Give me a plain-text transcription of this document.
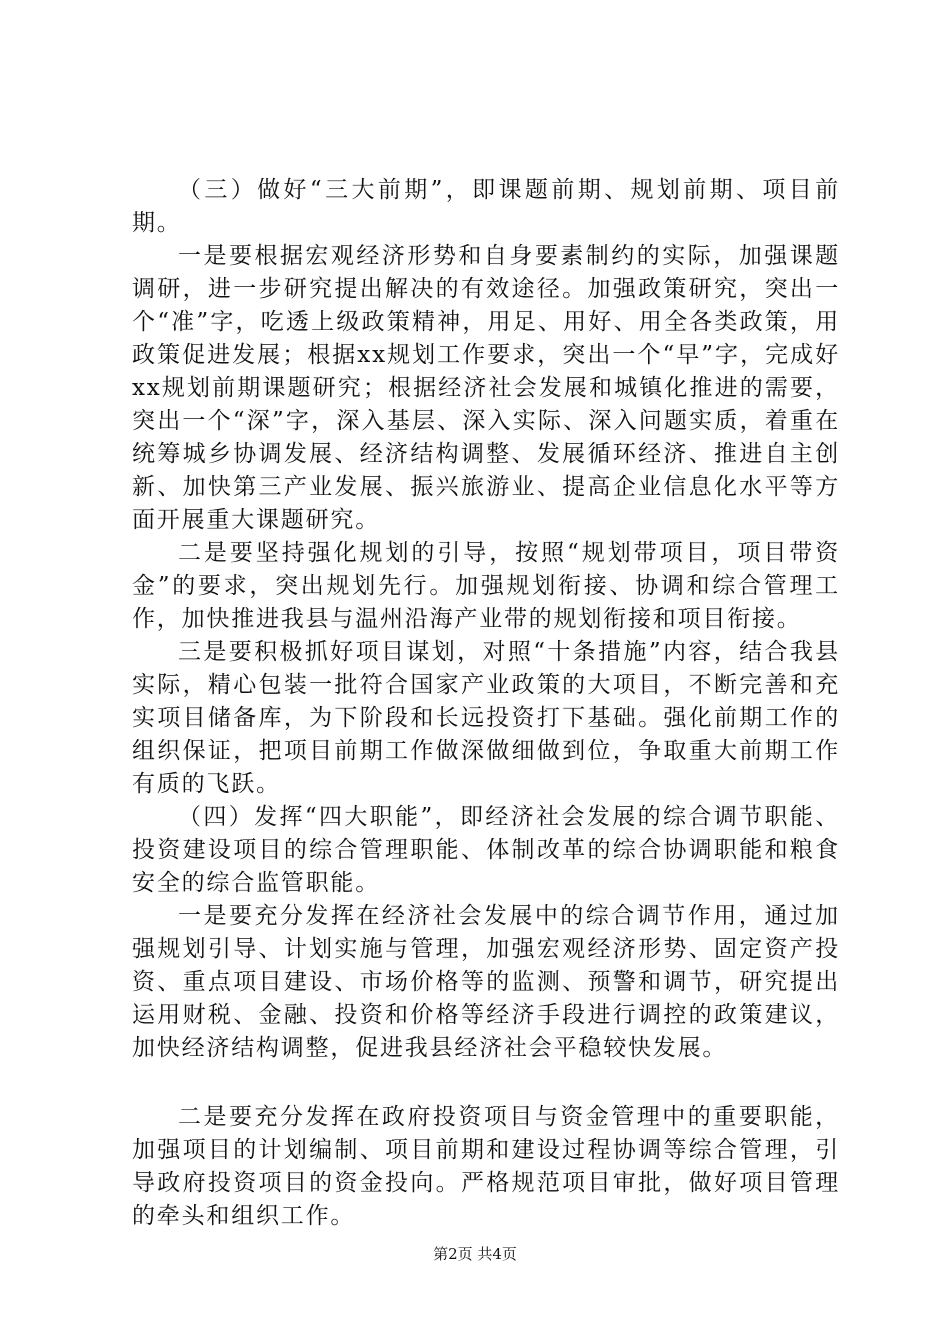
（三）做好“三大前期”，即课题前期、规划前期、项目前期。

一是要根据宏观经济形势和自身要素制约的实际，加强课题调研，进一步研究提出解决的有效途径。加强政策研究，突出一个“准”字，吃透上级政策精神，用足、用好、用全各类政策，用政策促进发展；根据xx规划工作要求，突出一个“早”字，完成好xx规划前期课题研究；根据经济社会发展和城镇化推进的需要，突出一个“深”字，深入基层、深入实际、深入问题实质，着重在统筹城乡协调发展、经济结构调整、发展循环经济、推进自主创新、加快第三产业发展、振兴旅游业、提高企业信息化水平等方面开展重大课题研究。

二是要坚持强化规划的引导，按照“规划带项目，项目带资金”的要求，突出规划先行。加强规划衔接、协调和综合管理工作，加快推进我县与温州沿海产业带的规划衔接和项目衔接。

三是要积极抓好项目谋划，对照“十条措施”内容，结合我县实际，精心包装一批符合国家产业政策的大项目，不断完善和充实项目储备库，为下阶段和长远投资打下基础。强化前期工作的组织保证，把项目前期工作做深做细做到位，争取重大前期工作有质的飞跃。

（四）发挥“四大职能”，即经济社会发展的综合调节职能、投资建设项目的综合管理职能、体制改革的综合协调职能和粮食安全的综合监管职能。

一是要充分发挥在经济社会发展中的综合调节作用，通过加强规划引导、计划实施与管理，加强宏观经济形势、固定资产投资、重点项目建设、市场价格等的监测、预警和调节，研究提出运用财税、金融、投资和价格等经济手段进行调控的政策建议，加快经济结构调整，促进我县经济社会平稳较快发展。

二是要充分发挥在政府投资项目与资金管理中的重要职能，加强项目的计划编制、项目前期和建设过程协调等综合管理，引导政府投资项目的资金投向。严格规范项目审批，做好项目管理的牵头和组织工作。

第2页 共4页
